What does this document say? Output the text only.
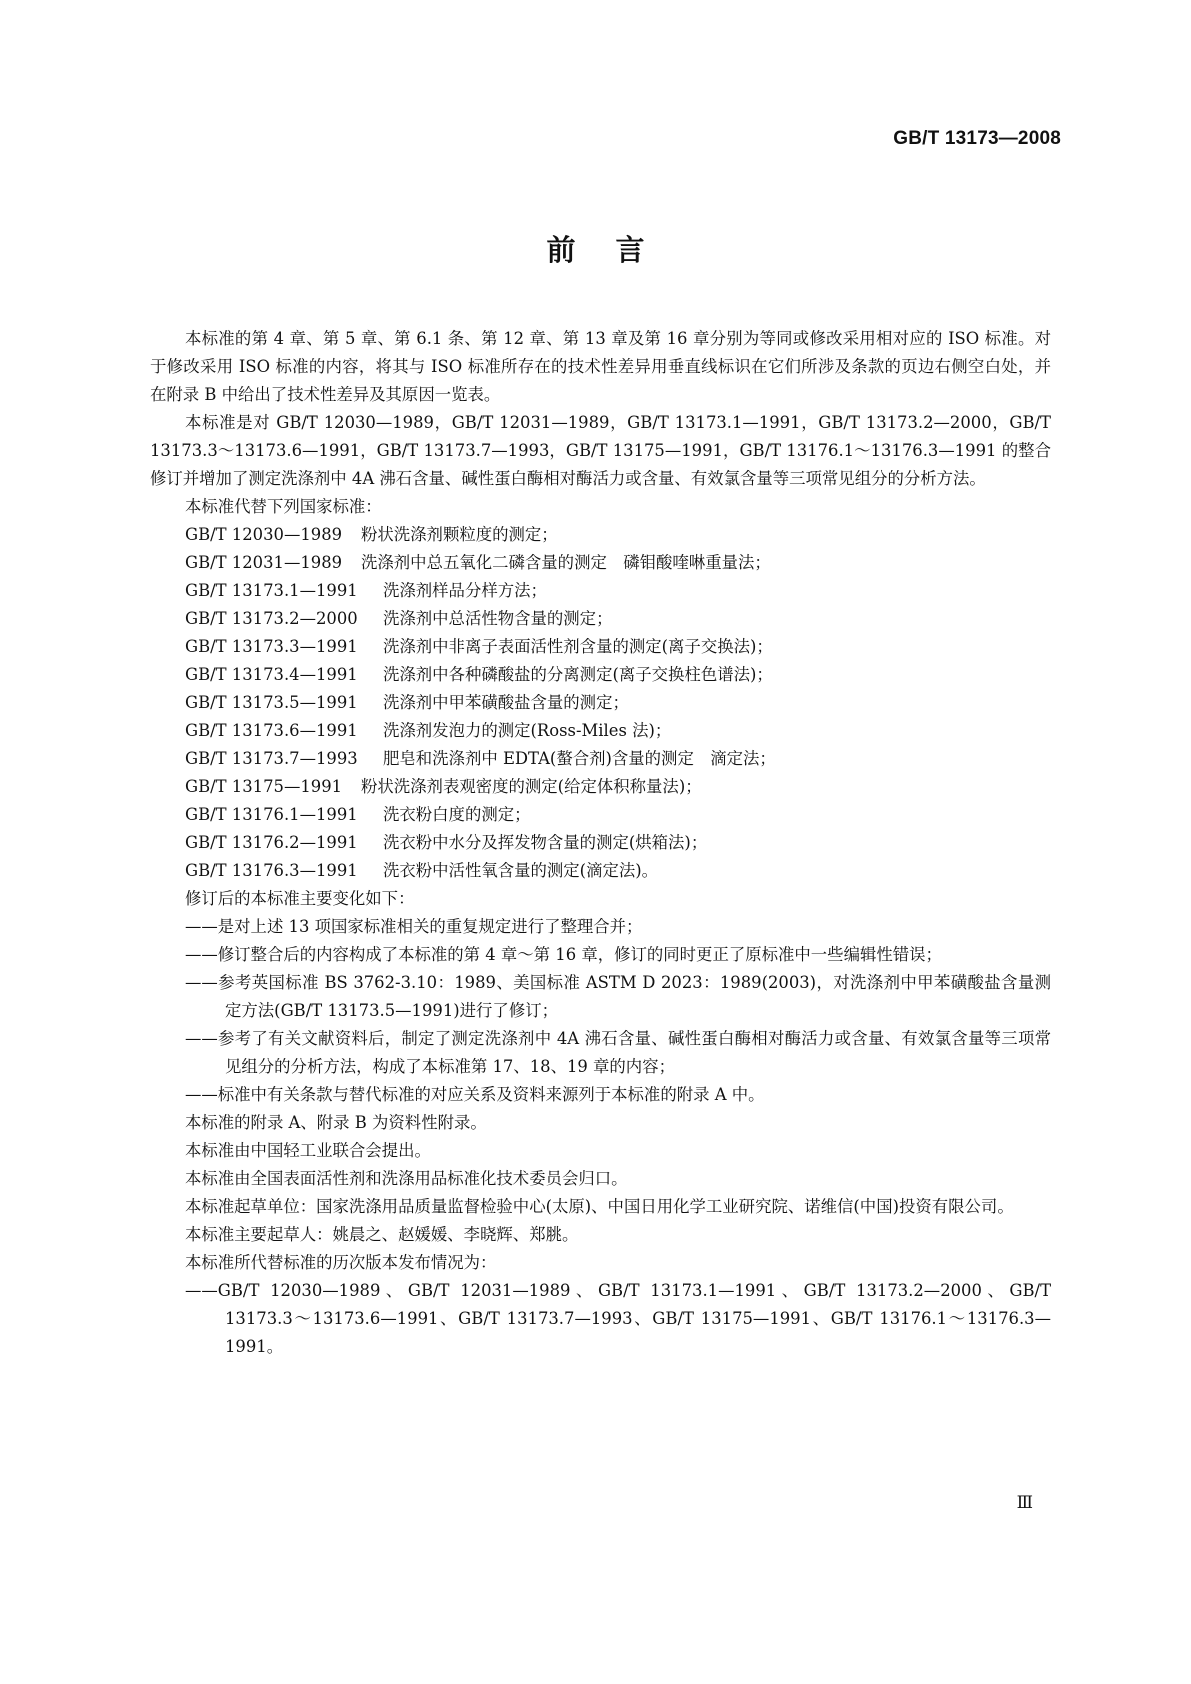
GB/T 13173—2008
前言

本标准的第 4 章、第 5 章、第 6.1 条、第 12 章、第 13 章及第 16 章分别为等同或修改采用相对应的 ISO 标准。对于修改采用 ISO 标准的内容，将其与 ISO 标准所存在的技术性差异用垂直线标识在它们所涉及条款的页边右侧空白处，并在附录 B 中给出了技术性差异及其原因一览表。

本标准是对 GB/T 12030—1989，GB/T 12031—1989，GB/T 13173.1—1991，GB/T 13173.2—2000，GB/T 13173.3～13173.6—1991，GB/T 13173.7—1993，GB/T 13175—1991，GB/T 13176.1～13176.3—1991 的整合修订并增加了测定洗涤剂中 4A 沸石含量、碱性蛋白酶相对酶活力或含量、有效氯含量等三项常见组分的分析方法。

本标准代替下列国家标准：

GB/T 12030—1989 粉状洗涤剂颗粒度的测定；

GB/T 12031—1989 洗涤剂中总五氧化二磷含量的测定　磷钼酸喹啉重量法；

GB/T 13173.1—1991 洗涤剂样品分样方法；

GB/T 13173.2—2000 洗涤剂中总活性物含量的测定；

GB/T 13173.3—1991 洗涤剂中非离子表面活性剂含量的测定(离子交换法)；

GB/T 13173.4—1991 洗涤剂中各种磷酸盐的分离测定(离子交换柱色谱法)；

GB/T 13173.5—1991 洗涤剂中甲苯磺酸盐含量的测定；

GB/T 13173.6—1991 洗涤剂发泡力的测定(Ross-Miles 法)；

GB/T 13173.7—1993 肥皂和洗涤剂中 EDTA(螯合剂)含量的测定　滴定法；

GB/T 13175—1991 粉状洗涤剂表观密度的测定(给定体积称量法)；

GB/T 13176.1—1991 洗衣粉白度的测定；

GB/T 13176.2—1991 洗衣粉中水分及挥发物含量的测定(烘箱法)；

GB/T 13176.3—1991 洗衣粉中活性氧含量的测定(滴定法)。

修订后的本标准主要变化如下：

——是对上述 13 项国家标准相关的重复规定进行了整理合并；

——修订整合后的内容构成了本标准的第 4 章～第 16 章，修订的同时更正了原标准中一些编辑性错误；

——参考英国标准 BS 3762-3.10：1989、美国标准 ASTM D 2023：1989(2003)，对洗涤剂中甲苯磺酸盐含量测定方法(GB/T 13173.5—1991)进行了修订；

——参考了有关文献资料后，制定了测定洗涤剂中 4A 沸石含量、碱性蛋白酶相对酶活力或含量、有效氯含量等三项常见组分的分析方法，构成了本标准第 17、18、19 章的内容；

——标准中有关条款与替代标准的对应关系及资料来源列于本标准的附录 A 中。

本标准的附录 A、附录 B 为资料性附录。

本标准由中国轻工业联合会提出。

本标准由全国表面活性剂和洗涤用品标准化技术委员会归口。

本标准起草单位：国家洗涤用品质量监督检验中心(太原)、中国日用化学工业研究院、诺维信(中国)投资有限公司。

本标准主要起草人：姚晨之、赵媛媛、李晓辉、郑脁。

本标准所代替标准的历次版本发布情况为：

——GB/T 12030—1989、GB/T 12031—1989、GB/T 13173.1—1991、GB/T 13173.2—2000、GB/T 13173.3～13173.6—1991、GB/T 13173.7—1993、GB/T 13175—1991、GB/T 13176.1～13176.3—1991。

Ⅲ
